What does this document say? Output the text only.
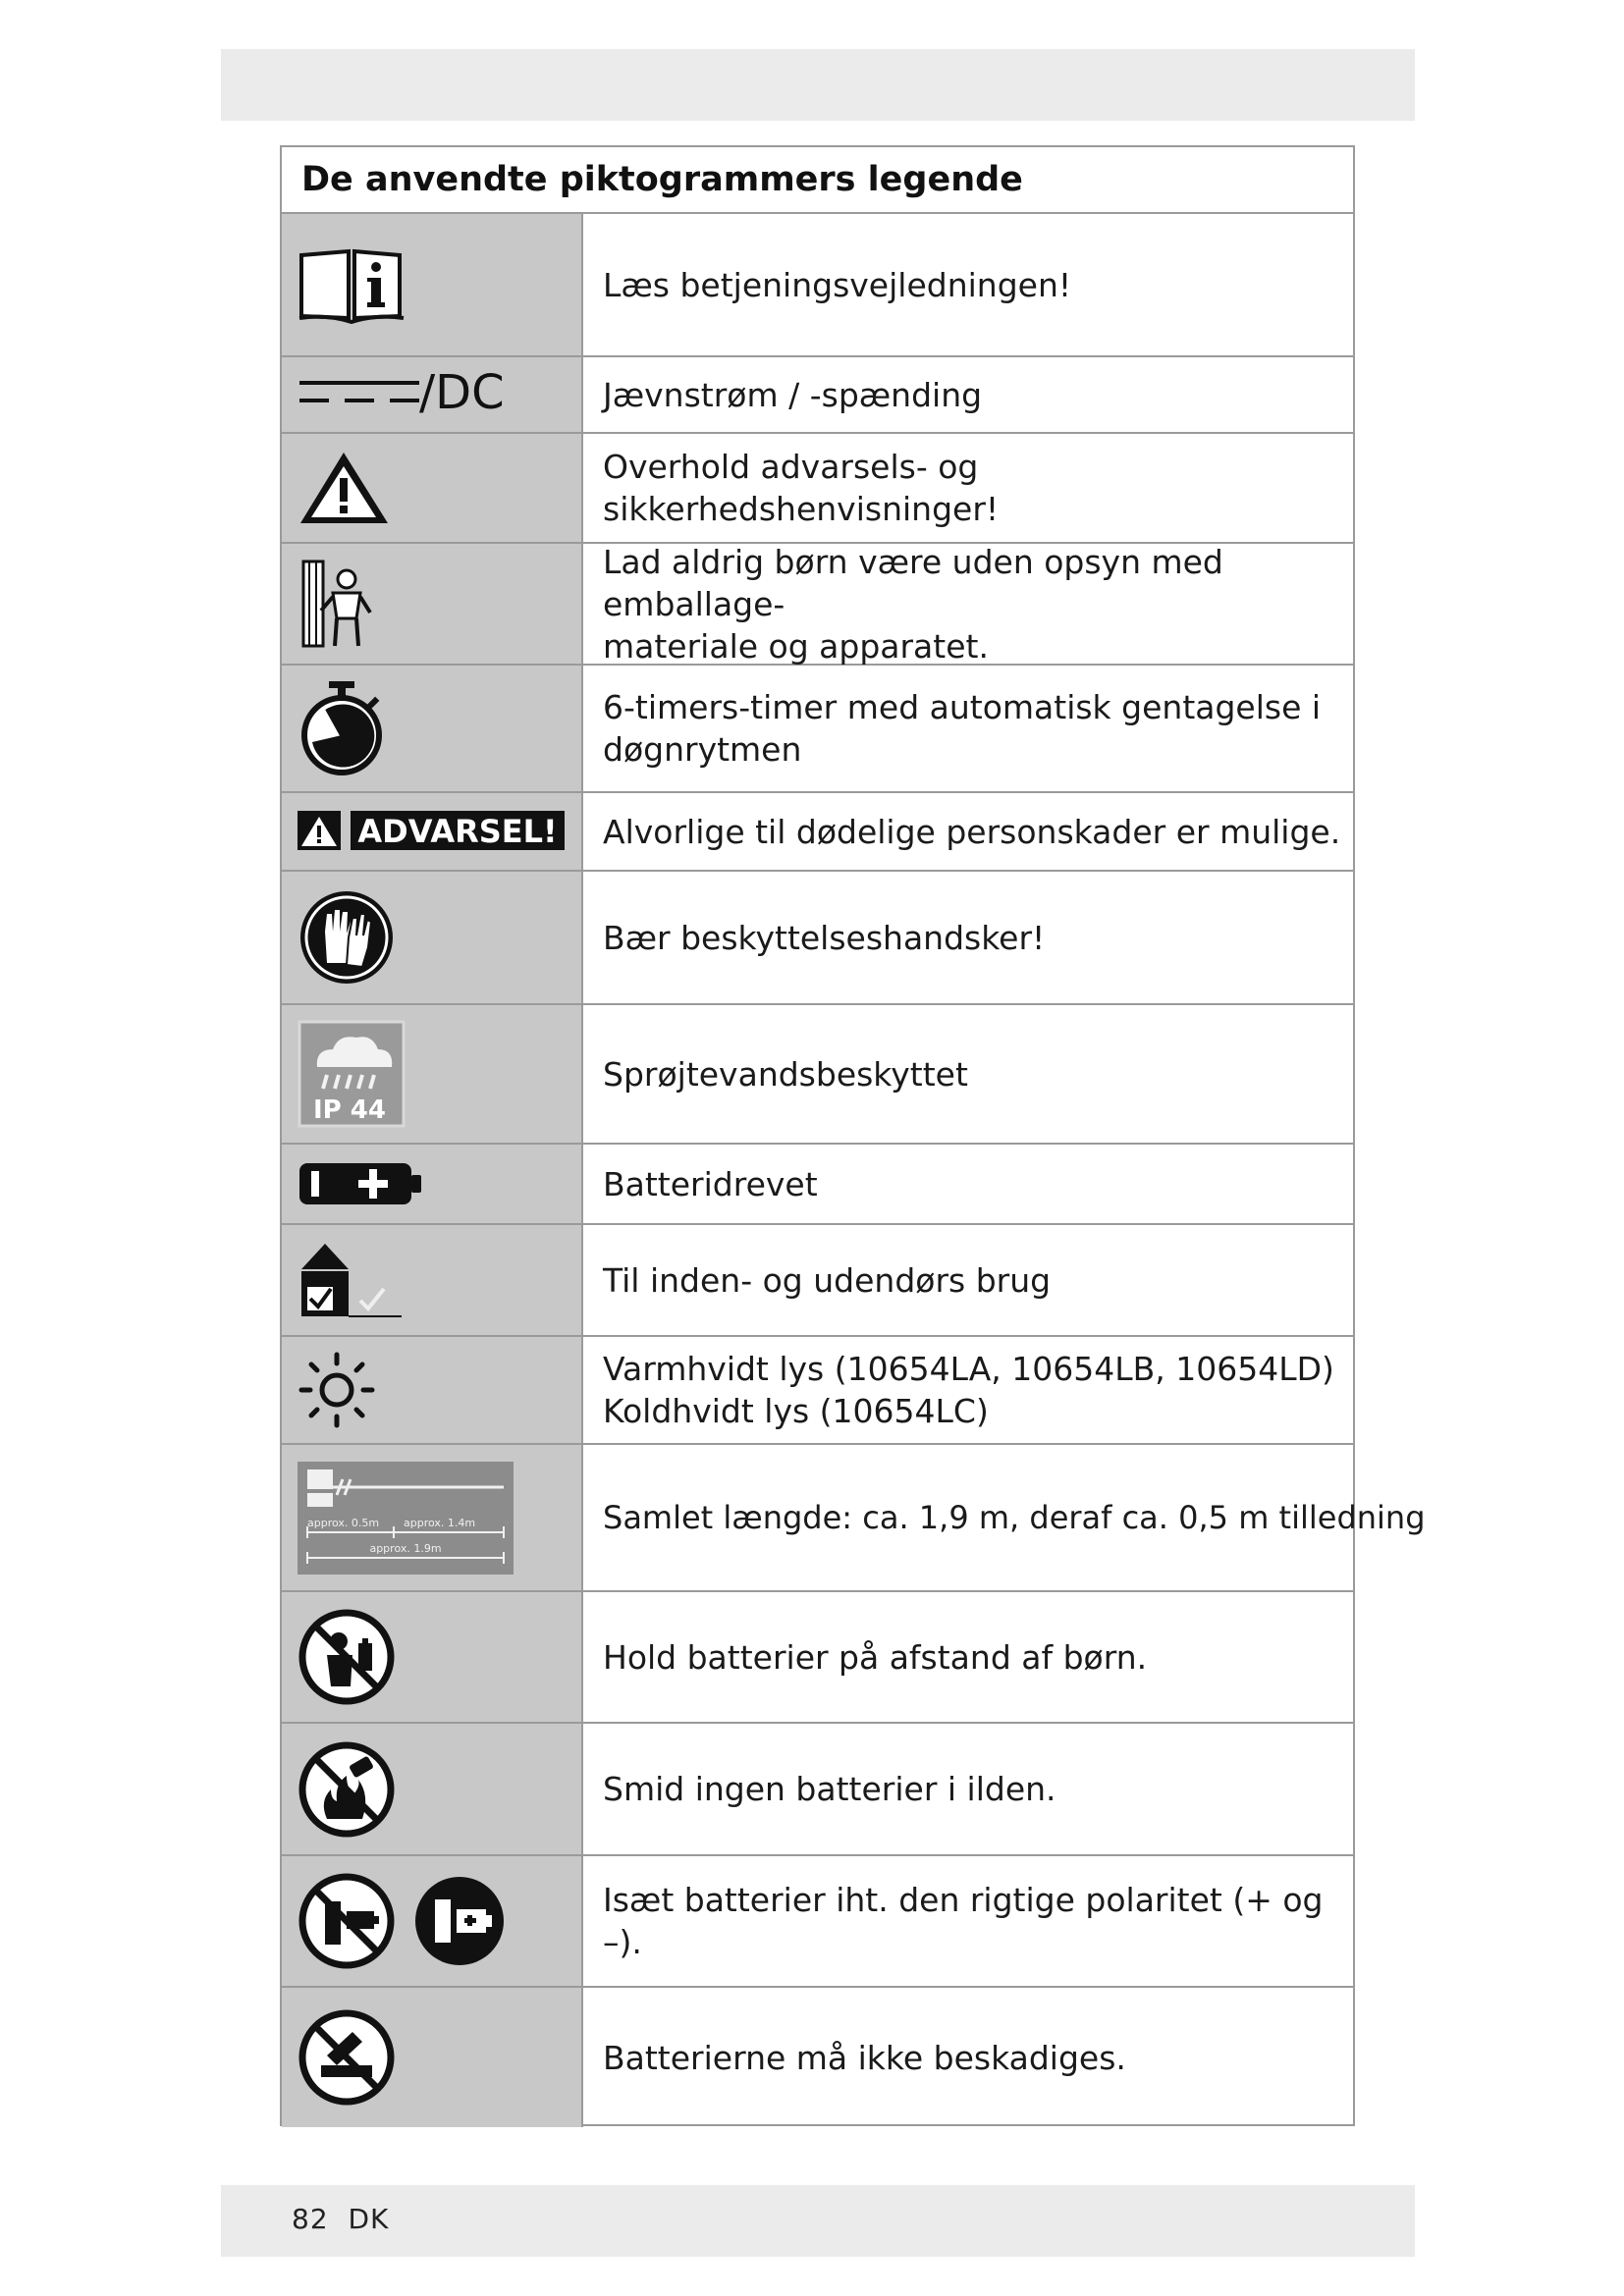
De anvendte piktogrammers legende
Læs betjeningsvejledningen!
/DC	Jævnstrøm / -spænding
Overhold advarsels- og sikkerhedshenvisninger!
Lad aldrig børn være uden opsyn med emballage-
materiale og apparatet.
6-timers-timer med automatisk gentagelse i
døgnrytmen
ADVARSEL! Alvorlige til dødelige personskader er mulige.
Bær beskyttelseshandsker!
IP 44
Sprøjtevandsbeskyttet
Batteridrevet
Til inden- og udendørs brug
Varmhvidt lys (10654LA, 10654LB, 10654LD)
Koldhvidt lys (10654LC)
approx. 0.5m approx. 1.4m
approx. 1.9m
Samlet længde: ca. 1,9 m, deraf ca. 0,5 m tilledning
Hold batterier på afstand af børn.
Smid ingen batterier i ilden.
Isæt batterier iht. den rigtige polaritet (+ og –).
Batterierne må ikke beskadiges.
82 DK
